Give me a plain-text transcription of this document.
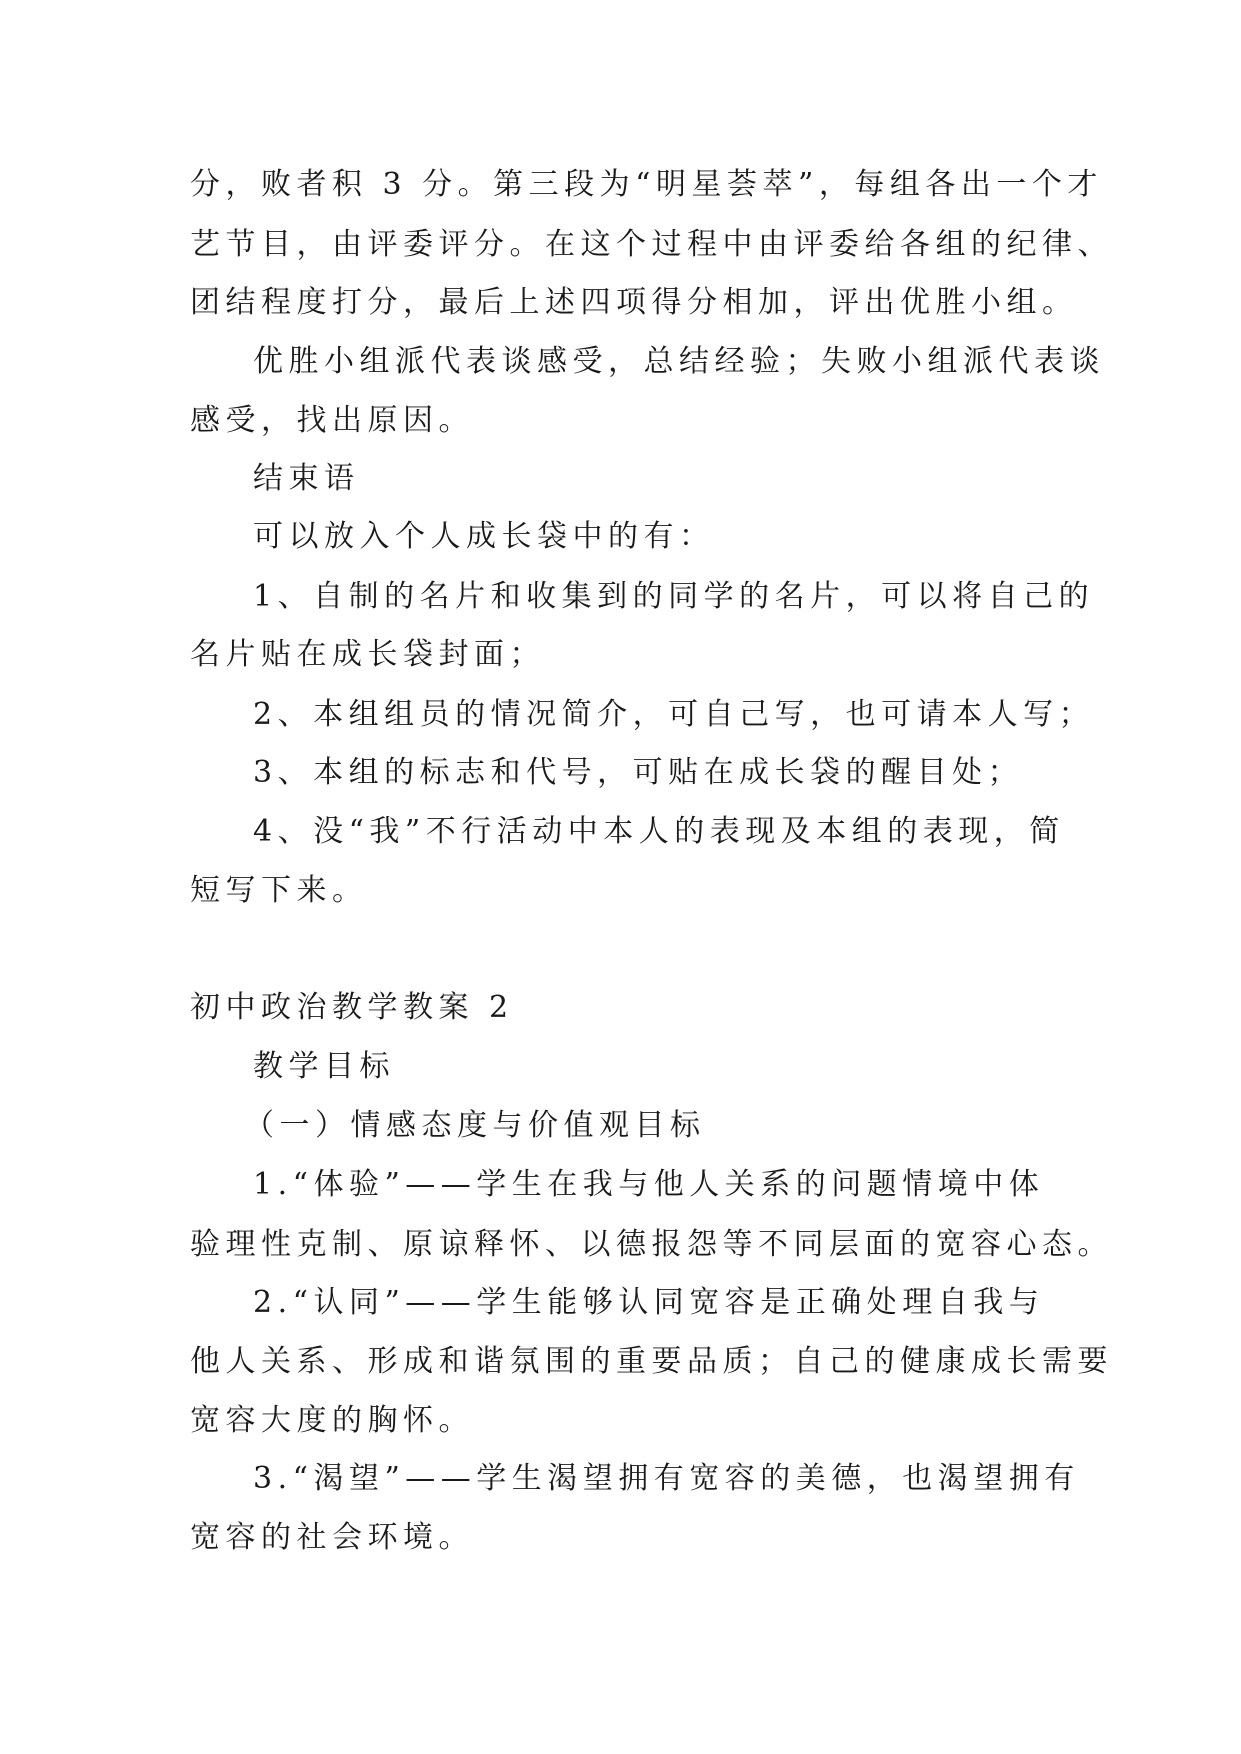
分，败者积 3 分。第三段为“明星荟萃”，每组各出一个才
艺节目，由评委评分。在这个过程中由评委给各组的纪律、
团结程度打分，最后上述四项得分相加，评出优胜小组。
优胜小组派代表谈感受，总结经验；失败小组派代表谈
感受，找出原因。
结束语
可以放入个人成长袋中的有：
1、自制的名片和收集到的同学的名片，可以将自己的
名片贴在成长袋封面；
2、本组组员的情况简介，可自己写，也可请本人写；
3、本组的标志和代号，可贴在成长袋的醒目处；
4、没“我”不行活动中本人的表现及本组的表现，简
短写下来。
初中政治教学教案 2
教学目标
（一）情感态度与价值观目标
1.“体验”——学生在我与他人关系的问题情境中体
验理性克制、原谅释怀、以德报怨等不同层面的宽容心态。
2.“认同”——学生能够认同宽容是正确处理自我与
他人关系、形成和谐氛围的重要品质；自己的健康成长需要
宽容大度的胸怀。
3.“渴望”——学生渴望拥有宽容的美德，也渴望拥有
宽容的社会环境。
